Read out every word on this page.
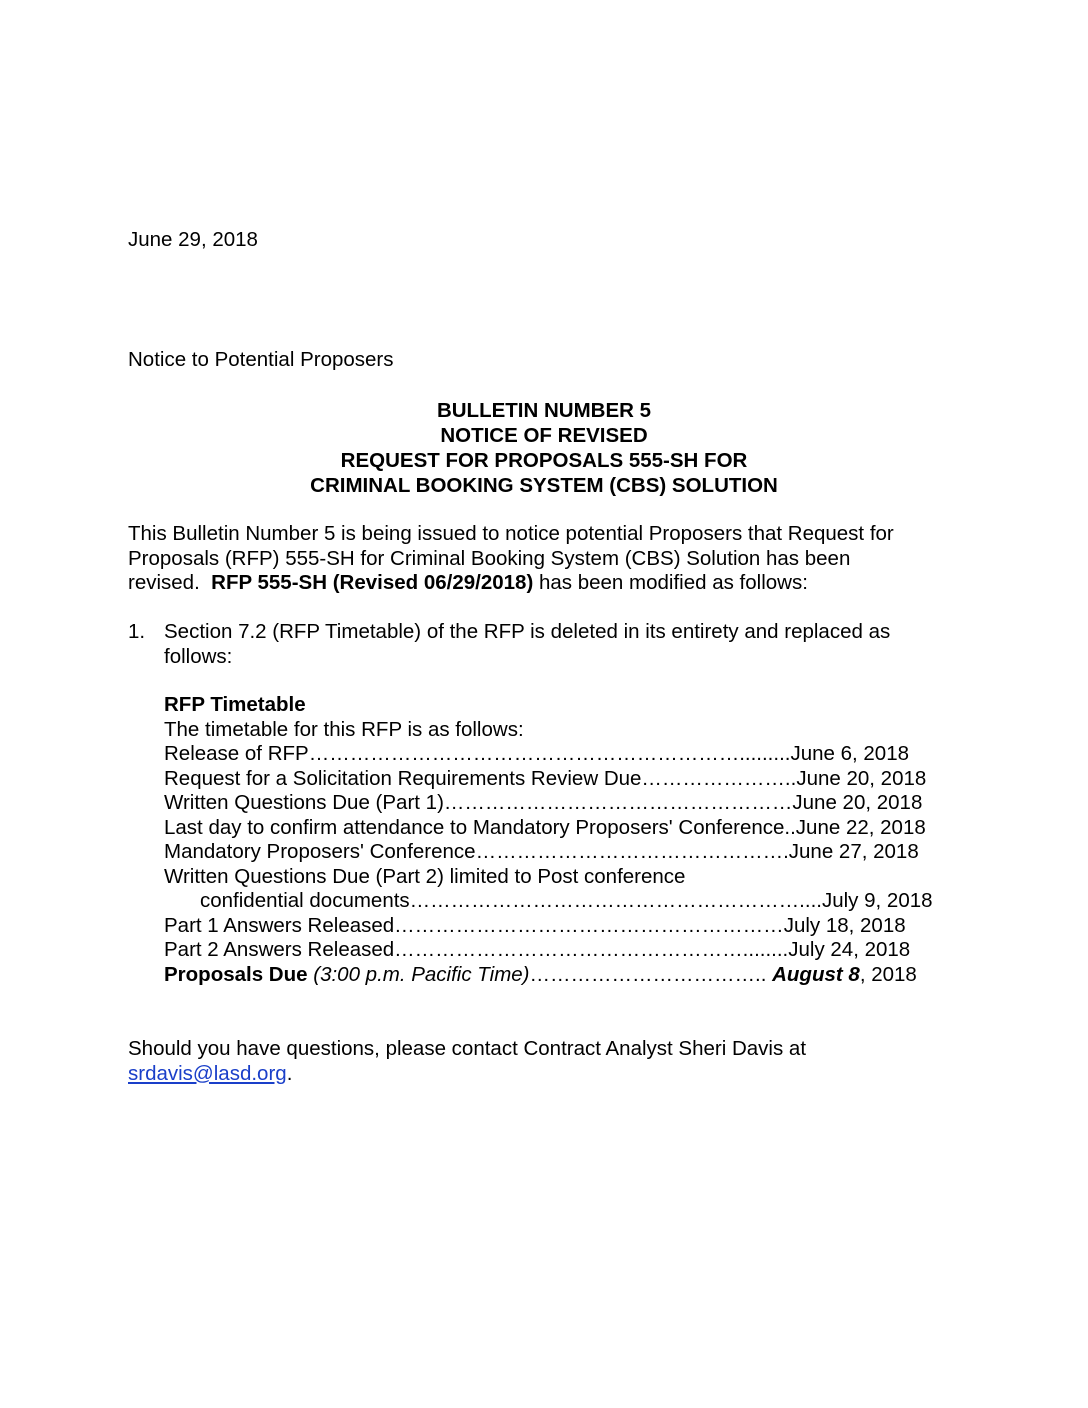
June 29, 2018
Notice to Potential Proposers
BULLETIN NUMBER 5
NOTICE OF REVISED
REQUEST FOR PROPOSALS 555-SH FOR
CRIMINAL BOOKING SYSTEM (CBS) SOLUTION
This Bulletin Number 5 is being issued to notice potential Proposers that Request for
Proposals (RFP) 555-SH for Criminal Booking System (CBS) Solution has been
revised.  RFP 555-SH (Revised 06/29/2018) has been modified as follows:
1. Section 7.2 (RFP Timetable) of the RFP is deleted in its entirety and replaced as
follows:
RFP Timetable
The timetable for this RFP is as follows:
Release of RFP……………………………………………………….........June 6, 2018
Request for a Solicitation Requirements Review Due…………………..June 20, 2018
Written Questions Due (Part 1)……………………………………………June 20, 2018
Last day to confirm attendance to Mandatory Proposers' Conference..June 22, 2018
Mandatory Proposers' Conference……………………………………….June 27, 2018
Written Questions Due (Part 2) limited to Post conference
confidential documents…………………………………………………....July 9, 2018
Part 1 Answers Released…………………………………………………July 18, 2018
Part 2 Answers Released……………………………………………........July 24, 2018
Proposals Due (3:00 p.m. Pacific Time)…………………………….. August 8, 2018
Should you have questions, please contact Contract Analyst Sheri Davis at
srdavis@lasd.org.
